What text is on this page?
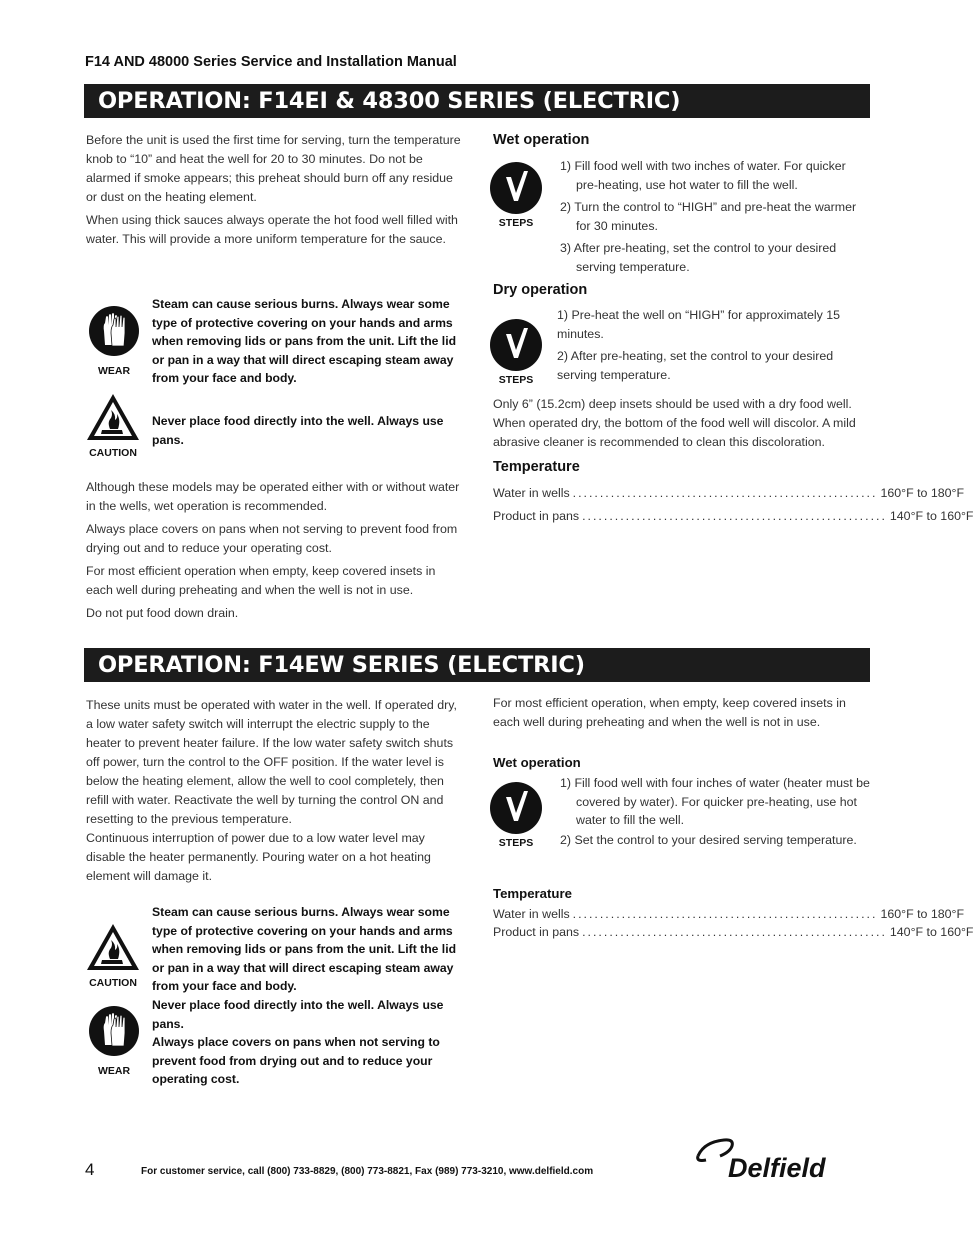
F14 AND 48000 Series Service and Installation Manual
OPERATION: F14EI & 48300 SERIES (ELECTRIC)

Before the unit is used the first time for serving, turn the temperature knob to “10” and heat the well for 20 to 30 minutes. Do not be alarmed if smoke appears; this preheat should burn off any residue or dust on the heating element.

When using thick sauces always operate the hot food well filled with water. This will provide a more uniform temperature for the sauce.

WEAR
Steam can cause serious burns. Always wear some type of protective covering on your hands and arms when removing lids or pans from the unit. Lift the lid or pan in a way that will direct escaping steam away from your face and body.
CAUTION
Never place food directly into the well. Always use pans.

Although these models may be operated either with or without water in the wells, wet operation is recommended.

Always place covers on pans when not serving to prevent food from drying out and to reduce your operating cost.

For most efficient operation when empty, keep covered insets in each well during preheating and when the well is not in use.

Do not put food down drain.

Wet operation
STEPS
1) Fill food well with two inches of water. For quicker pre-heating, use hot water to fill the well.
2) Turn the control to “HIGH” and pre-heat the warmer for 30 minutes.
3) After pre-heating, set the control to your desired serving temperature.
Dry operation
STEPS
1) Pre-heat the well on “HIGH” for approximately 15 minutes.
2) After pre-heating, set the control to your desired serving temperature.
Only 6” (15.2cm) deep insets should be used with a dry food well. When operated dry, the bottom of the food well will discolor. A mild abrasive cleaner is recommended to clean this discoloration.
Temperature
Water in wells ........................................................ 160°F to 180°F
Product in pans ........................................................ 140°F to 160°F
OPERATION: F14EW SERIES (ELECTRIC)
These units must be operated with water in the well. If operated dry, a low water safety switch will interrupt the electric supply to the heater to prevent heater failure. If the low water safety switch shuts off power, turn the control to the OFF position. If the water level is below the heating element, allow the well to cool completely, then refill with water. Reactivate the well by turning the control ON and resetting to the previous temperature.
Continuous interruption of power due to a low water level may disable the heater permanently. Pouring water on a hot heating element will damage it.
CAUTION
WEAR
Steam can cause serious burns. Always wear some type of protective covering on your hands and arms when removing lids or pans from the unit. Lift the lid or pan in a way that will direct escaping steam away from your face and body.
Never place food directly into the well. Always use pans.
Always place covers on pans when not serving to prevent food from drying out and to reduce your operating cost.
For most efficient operation, when empty, keep covered insets in each well during preheating and when the well is not in use.
Wet operation
STEPS
1) Fill food well with four inches of water (heater must be covered by water). For quicker pre-heating, use hot water to fill the well.
2) Set the control to your desired serving temperature.
Temperature
Water in wells ........................................................ 160°F to 180°F
Product in pans ........................................................ 140°F to 160°F
4	For customer service, call (800) 733-8829, (800) 773-8821, Fax (989) 773-3210, www.delfield.com	Delfield
